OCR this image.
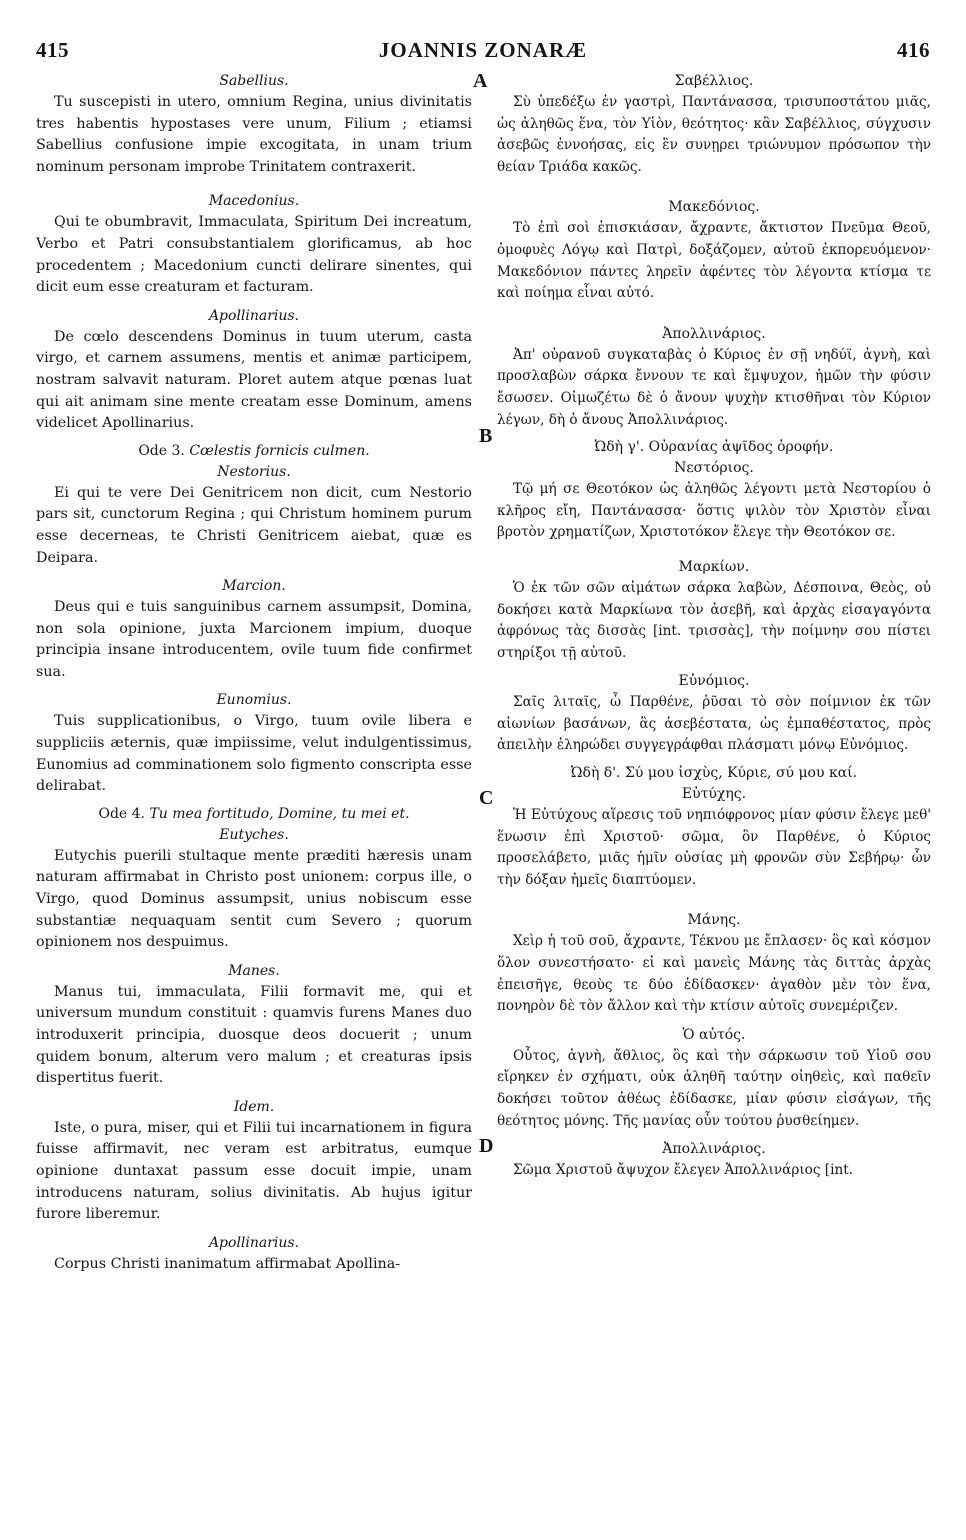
415	JOANNIS ZONARÆ	416
A
B
C
D
Sabellius.
Tu suscepisti in utero, omnium Regina, unius divinitatis tres habentis hypostases vere unum, Filium ; etiamsi Sabellius confusione impie excogitata, in unam trium nominum personam improbe Trinitatem contraxerit.
Macedonius.
Qui te obumbravit, Immaculata, Spiritum Dei increatum, Verbo et Patri consubstantialem glorificamus, ab hoc procedentem ; Macedonium cuncti delirare sinentes, qui dicit eum esse creaturam et facturam.
Apollinarius.
De cœlo descendens Dominus in tuum uterum, casta virgo, et carnem assumens, mentis et animæ participem, nostram salvavit naturam. Ploret autem atque pœnas luat qui ait animam sine mente creatam esse Dominum, amens videlicet Apollinarius.
Ode 3. Cœlestis fornicis culmen.
Nestorius.
Ei qui te vere Dei Genitricem non dicit, cum Nestorio pars sit, cunctorum Regina ; qui Christum hominem purum esse decerneas, te Christi Genitricem aiebat, quæ es Deipara.
Marcion.
Deus qui e tuis sanguinibus carnem assumpsit, Domina, non sola opinione, juxta Marcionem impium, duoque principia insane introducentem, ovile tuum fide confirmet sua.
Eunomius.
Tuis supplicationibus, o Virgo, tuum ovile libera e suppliciis æternis, quæ impiissime, velut indulgentissimus, Eunomius ad comminationem solo figmento conscripta esse delirabat.
Ode 4. Tu mea fortitudo, Domine, tu mei et.
Eutyches.
Eutychis puerili stultaque mente præditi hæresis unam naturam affirmabat in Christo post unionem: corpus ille, o Virgo, quod Dominus assumpsit, unius nobiscum esse substantiæ nequaquam sentit cum Severo ; quorum opinionem nos despuimus.
Manes.
Manus tui, immaculata, Filii formavit me, qui et universum mundum constituit : quamvis furens Manes duo introduxerit principia, duosque deos docuerit ; unum quidem bonum, alterum vero malum ; et creaturas ipsis dispertitus fuerit.
Idem.
Iste, o pura, miser, qui et Filii tui incarnationem in figura fuisse affirmavit, nec veram est arbitratus, eumque opinione duntaxat passum esse docuit impie, unam introducens naturam, solius divinitatis. Ab hujus igitur furore liberemur.
Apollinarius.
Corpus Christi inanimatum affirmabat Apollina-
Σαβέλλιος.
Σὺ ὑπεδέξω ἐν γαστρὶ, Παντάνασσα, τρισυποστάτου μιᾶς, ὡς ἀληθῶς ἕνα, τὸν Υἱὸν, θεότητος· κἂν Σαβέλλιος, σύγχυσιν ἀσεβῶς ἐννοήσας, εἰς ἓν συνῃρει τριώνυμον πρόσωπον τὴν θείαν Τριάδα κακῶς.
Μακεδόνιος.
Τὸ ἐπὶ σοὶ ἐπισκιάσαν, ἄχραντε, ἄκτιστον Πνεῦμα Θεοῦ, ὁμοφυὲς Λόγῳ καὶ Πατρὶ, δοξάζομεν, αὐτοῦ ἐκπορευόμενον· Μακεδόνιον πάντες ληρεῖν ἀφέντες τὸν λέγοντα κτίσμα τε καὶ ποίημα εἶναι αὐτό.
Ἀπολλινάριος.
Ἀπ' οὐρανοῦ συγκαταβὰς ὁ Κύριος ἐν σῇ νηδύϊ, ἁγνὴ, καὶ προσλαβὼν σάρκα ἔννουν τε καὶ ἔμψυχον, ἡμῶν τὴν φύσιν ἔσωσεν. Οἰμωζέτω δὲ ὁ ἄνουν ψυχὴν κτισθῆναι τὸν Κύριον λέγων, δὴ ὁ ἄνους Ἀπολλινάριος.
Ὠδὴ γ'. Οὐρανίας ἀψῖδος ὀροφήν.
Νεστόριος.
Τῷ μή σε Θεοτόκον ὡς ἀληθῶς λέγοντι μετὰ Νεστορίου ὁ κλῆρος εἴη, Παντάνασσα· ὅστις ψιλὸν τὸν Χριστὸν εἶναι βροτὸν χρηματίζων, Χριστοτόκον ἔλεγε τὴν Θεοτόκον σε.
Μαρκίων.
Ὁ ἐκ τῶν σῶν αἱμάτων σάρκα λαβὼν, Δέσποινα, Θεὸς, οὐ δοκήσει κατὰ Μαρκίωνα τὸν ἀσεβῆ, καὶ ἀρχὰς εἰσαγαγόντα ἀφρόνως τὰς δισσὰς [int. τρισσὰς], τὴν ποίμνην σου πίστει στηρίξοι τῇ αὐτοῦ.
Εὐνόμιος.
Σαῖς λιταῖς, ὦ Παρθένε, ῥῦσαι τὸ σὸν ποίμνιον ἐκ τῶν αἰωνίων βασάνων, ἃς ἀσεβέστατα, ὡς ἐμπαθέστατος, πρὸς ἀπειλὴν ἐληρώδει συγγεγράφθαι πλάσματι μόνῳ Εὐνόμιος.
Ὠδὴ δ'. Σύ μου ἰσχὺς, Κύριε, σύ μου καί.
Εὐτύχης.
Ἡ Εὐτύχους αἵρεσις τοῦ νηπιόφρονος μίαν φύσιν ἔλεγε μεθ' ἕνωσιν ἐπὶ Χριστοῦ· σῶμα, ὃν Παρθένε, ὁ Κύριος προσελάβετο, μιᾶς ἡμῖν οὐσίας μὴ φρονῶν σὺν Σεβήρῳ· ὧν τὴν δόξαν ἡμεῖς διαπτύομεν.
Μάνης.
Χεὶρ ἡ τοῦ σοῦ, ἄχραντε, Τέκνου με ἔπλασεν· ὃς καὶ κόσμον ὅλον συνεστήσατο· εἰ καὶ μανεὶς Μάνης τὰς διττὰς ἀρχὰς ἐπεισῆγε, θεοὺς τε δύο ἐδίδασκεν· ἀγαθὸν μὲν τὸν ἕνα, πονηρὸν δὲ τὸν ἄλλον καὶ τὴν κτίσιν αὐτοῖς συνεμέριζεν.
Ὁ αὐτός.
Οὗτος, ἁγνὴ, ἄθλιος, ὃς καὶ τὴν σάρκωσιν τοῦ Υἱοῦ σου εἴρηκεν ἐν σχήματι, οὐκ ἀληθῆ ταύτην οἰηθεὶς, καὶ παθεῖν δοκήσει τοῦτον ἀθέως ἐδίδασκε, μίαν φύσιν εἰσάγων, τῆς θεότητος μόνης. Τῆς μανίας οὖν τούτου ῥυσθείημεν.
Ἀπολλινάριος.
Σῶμα Χριστοῦ ἄψυχον ἔλεγεν Ἀπολλινάριος [int.
